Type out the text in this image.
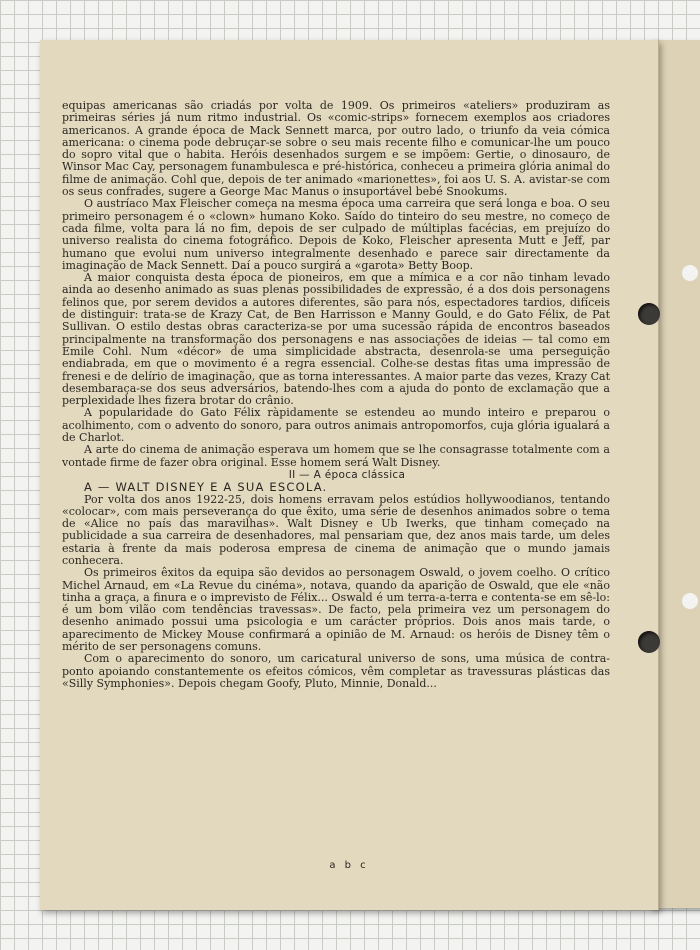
a b c

equipas americanas são criadás por volta de 1909. Os primeiros «ateliers» produziram as primeiras séries já num ritmo industrial. Os «comic-strips» fornecem exemplos aos criadores americanos. A grande época de Mack Sennett marca, por outro lado, o triunfo da veia cómica americana: o cinema pode debruçar-se sobre o seu mais recente filho e comunicar-lhe um pouco do sopro vital que o habita. Heróis desenhados surgem e se impõem: Gertie, o dinosauro, de Winsor Mac Cay, personagem funambulesca e pré-histórica, conheceu a primeira glória animal do filme de animação. Cohl que, depois de ter animado «marionettes», foi aos U. S. A. avistar-se com os seus confrades, sugere a George Mac Manus o insuportável bebé Snookums.

O austríaco Max Fleischer começa na mesma época uma carreira que será longa e boa. O seu primeiro personagem é o «clown» humano Koko. Saído do tinteiro do seu mestre, no começo de cada filme, volta para lá no fim, depois de ser culpado de múltiplas facécias, em prejuízo do universo realista do cinema fotográfico. Depois de Koko, Fleischer apresenta Mutt e Jeff, par humano que evolui num universo integralmente desenhado e parece sair directamente da imaginação de Mack Sennett. Daí a pouco surgirá a «garota» Betty Boop.

A maior conquista desta época de pioneiros, em que a mímica e a cor não tinham levado ainda ao desenho animado as suas plenas possibilidades de expressão, é a dos dois personagens felinos que, por serem devidos a autores diferentes, são para nós, espectadores tardios, difíceis de distinguir: trata-se de Krazy Cat, de Ben Harrisson e Manny Gould, e do Gato Félix, de Pat Sullivan. O estilo destas obras caracteriza-se por uma sucessão rápida de encontros baseados principalmente na transformação dos personagens e nas associações de ideias — tal como em Emile Cohl. Num «décor» de uma simplicidade abstracta, desenrola-se uma perseguição endiabrada, em que o movimento é a regra essencial. Colhe-se destas fitas uma impressão de frenesi e de delírio de imaginação, que as torna interessantes. A maior parte das vezes, Krazy Cat desembaraça-se dos seus adversários, batendo-lhes com a ajuda do ponto de exclamação que a perplexidade lhes fizera brotar do crânio.

A popularidade do Gato Félix ràpidamente se estendeu ao mundo inteiro e preparou o acolhimento, com o advento do sonoro, para outros animais antropomorfos, cuja glória igualará a de Charlot.

A arte do cinema de animação esperava um homem que se lhe consagrasse totalmente com a vontade firme de fazer obra original. Esse homem será Walt Disney.

II — A época clássica

A — WALT DISNEY E A SUA ESCOLA.

Por volta dos anos 1922-25, dois homens erravam pelos estúdios hollywoodianos, tentando «colocar», com mais perseverança do que êxito, uma série de desenhos animados sobre o tema de «Alice no país das maravilhas». Walt Disney e Ub Iwerks, que tinham começado na publicidade a sua carreira de desenhadores, mal pensariam que, dez anos mais tarde, um deles estaria à frente da mais poderosa empresa de cinema de animação que o mundo jamais conhecera.

Os primeiros êxitos da equipa são devidos ao personagem Oswald, o jovem coelho. O crítico Michel Arnaud, em «La Revue du cinéma», notava, quando da aparição de Oswald, que ele «não tinha a graça, a finura e o imprevisto de Félix... Oswald é um terra-a-terra e contenta-se em sê-lo: é um bom vilão com tendências travessas». De facto, pela primeira vez um personagem do desenho animado possui uma psicologia e um carácter próprios. Dois anos mais tarde, o aparecimento de Mickey Mouse confirmará a opinião de M. Arnaud: os heróis de Disney têm o mérito de ser personagens comuns.

Com o aparecimento do sonoro, um caricatural universo de sons, uma música de contra-ponto apoiando constantemente os efeitos cómicos, vêm completar as travessuras plásticas das «Silly Symphonies». Depois chegam Goofy, Pluto, Minnie, Donald...
